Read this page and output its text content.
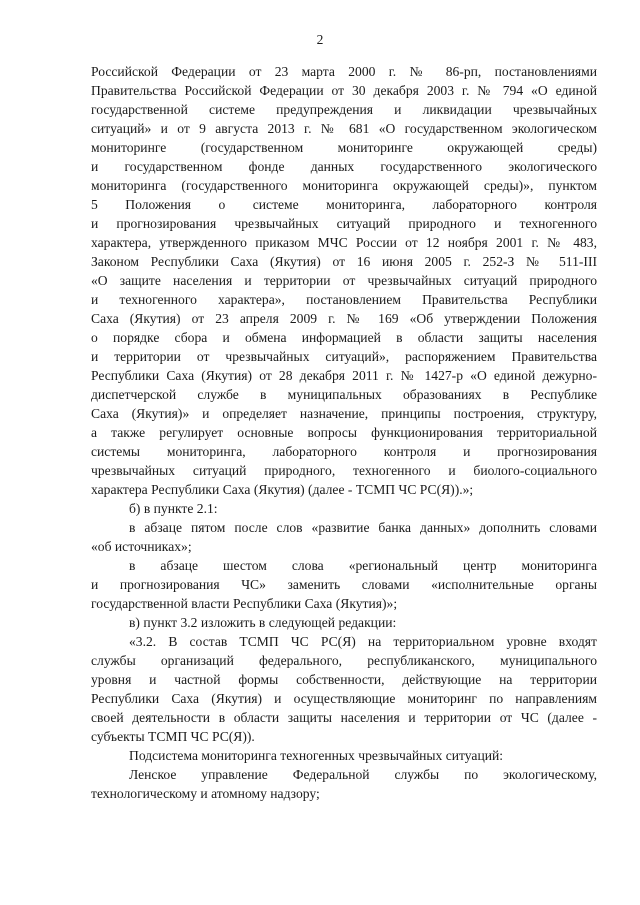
2
Российской Федерации от 23 марта 2000 г. № 86-рп, постановлениями
Правительства Российской Федерации от 30 декабря 2003 г. № 794 «О единой
государственной системе предупреждения и ликвидации чрезвычайных
ситуаций» и от 9 августа 2013 г. № 681 «О государственном экологическом
мониторинге (государственном мониторинге окружающей среды)
и государственном фонде данных государственного экологического
мониторинга (государственного мониторинга окружающей среды)», пунктом
5 Положения о системе мониторинга, лабораторного контроля
и прогнозирования чрезвычайных ситуаций природного и техногенного
характера, утвержденного приказом МЧС России от 12 ноября 2001 г. № 483,
Законом Республики Саха (Якутия) от 16 июня 2005 г. 252-З № 511-III
«О защите населения и территории от чрезвычайных ситуаций природного
и техногенного характера», постановлением Правительства Республики
Саха (Якутия) от 23 апреля 2009 г. № 169 «Об утверждении Положения
о порядке сбора и обмена информацией в области защиты населения
и территории от чрезвычайных ситуаций», распоряжением Правительства
Республики Саха (Якутия) от 28 декабря 2011 г. № 1427-р «О единой дежурно-
диспетчерской службе в муниципальных образованиях в Республике
Саха (Якутия)» и определяет назначение, принципы построения, структуру,
а также регулирует основные вопросы функционирования территориальной
системы мониторинга, лабораторного контроля и прогнозирования
чрезвычайных ситуаций природного, техногенного и биолого-социального
характера Республики Саха (Якутия) (далее - ТСМП ЧС РС(Я)).»;
б) в пункте 2.1:
в абзаце пятом после слов «развитие банка данных» дополнить словами
«об источниках»;
в абзаце шестом слова «региональный центр мониторинга
и прогнозирования ЧС» заменить словами «исполнительные органы
государственной власти Республики Саха (Якутия)»;
в) пункт 3.2 изложить в следующей редакции:
«3.2. В состав ТСМП ЧС РС(Я) на территориальном уровне входят
службы организаций федерального, республиканского, муниципального
уровня и частной формы собственности, действующие на территории
Республики Саха (Якутия) и осуществляющие мониторинг по направлениям
своей деятельности в области защиты населения и территории от ЧС (далее -
субъекты ТСМП ЧС РС(Я)).
Подсистема мониторинга техногенных чрезвычайных ситуаций:
Ленское управление Федеральной службы по экологическому,
технологическому и атомному надзору;
